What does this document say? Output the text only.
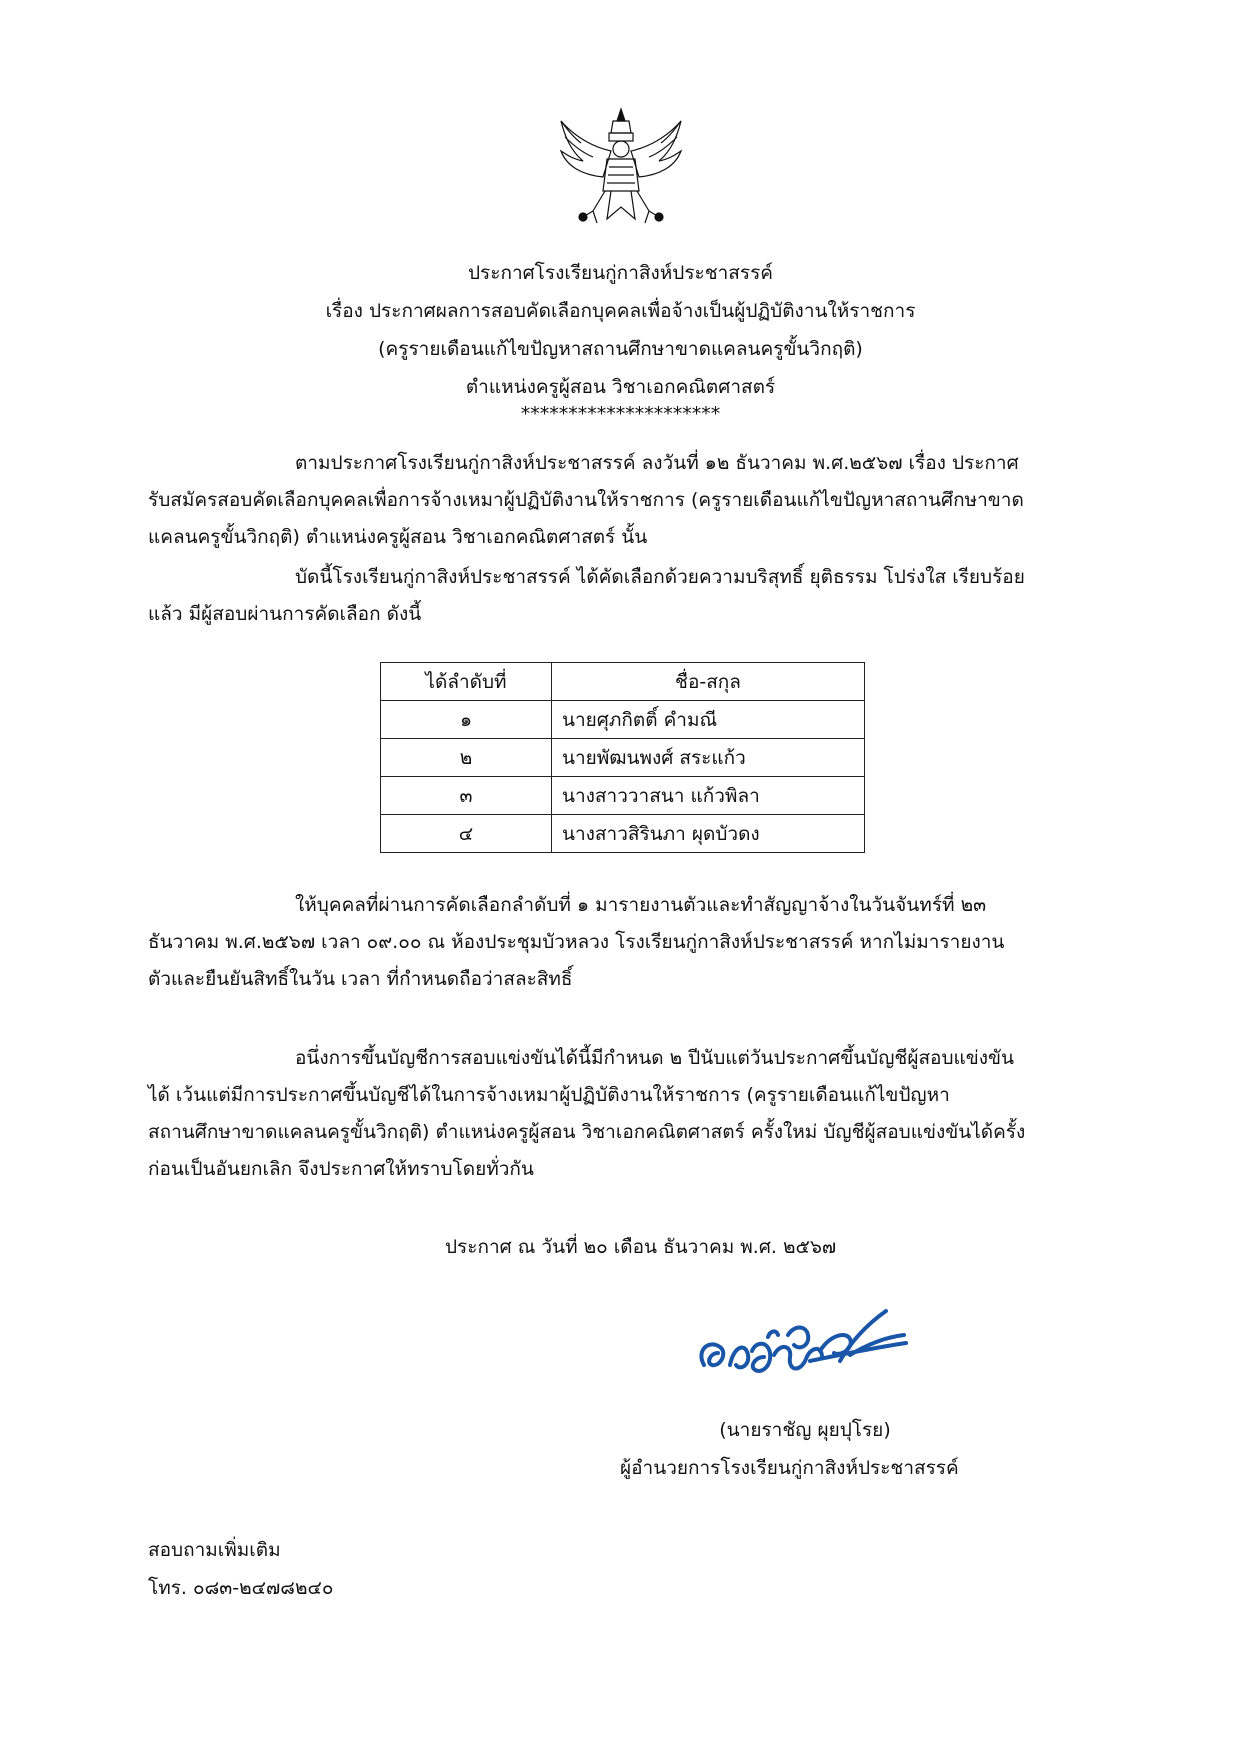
ประกาศโรงเรียนกู่กาสิงห์ประชาสรรค์
เรื่อง ประกาศผลการสอบคัดเลือกบุคคลเพื่อจ้างเป็นผู้ปฏิบัติงานให้ราชการ
(ครูรายเดือนแก้ไขปัญหาสถานศึกษาขาดแคลนครูขั้นวิกฤติ)
ตำแหน่งครูผู้สอน วิชาเอกคณิตศาสตร์
*********************

ตามประกาศโรงเรียนกู่กาสิงห์ประชาสรรค์ ลงวันที่ ๑๒ ธันวาคม พ.ศ.๒๕๖๗ เรื่อง ประกาศ

รับสมัครสอบคัดเลือกบุคคลเพื่อการจ้างเหมาผู้ปฏิบัติงานให้ราชการ (ครูรายเดือนแก้ไขปัญหาสถานศึกษาขาด

แคลนครูขั้นวิกฤติ) ตำแหน่งครูผู้สอน วิชาเอกคณิตศาสตร์ นั้น

บัดนี้โรงเรียนกู่กาสิงห์ประชาสรรค์ ได้คัดเลือกด้วยความบริสุทธิ์ ยุติธรรม โปร่งใส เรียบร้อย

แล้ว มีผู้สอบผ่านการคัดเลือก ดังนี้

ได้ลำดับที่	ชื่อ-สกุล
๑	นายศุภกิตติ์ คำมณี
๒	นายพัฒนพงศ์ สระแก้ว
๓	นางสาววาสนา แก้วพิลา
๔	นางสาวสิรินภา ผุดบัวดง

ให้บุคคลที่ผ่านการคัดเลือกลำดับที่ ๑ มารายงานตัวและทำสัญญาจ้างในวันจันทร์ที่ ๒๓

ธันวาคม พ.ศ.๒๕๖๗ เวลา ๐๙.๐๐ ณ ห้องประชุมบัวหลวง โรงเรียนกู่กาสิงห์ประชาสรรค์ หากไม่มารายงาน

ตัวและยืนยันสิทธิ์ในวัน เวลา ที่กำหนดถือว่าสละสิทธิ์

อนึ่งการขึ้นบัญชีการสอบแข่งขันได้นี้มีกำหนด ๒ ปีนับแต่วันประกาศขึ้นบัญชีผู้สอบแข่งขัน

ได้ เว้นแต่มีการประกาศขึ้นบัญชีได้ในการจ้างเหมาผู้ปฏิบัติงานให้ราชการ (ครูรายเดือนแก้ไขปัญหา

สถานศึกษาขาดแคลนครูขั้นวิกฤติ) ตำแหน่งครูผู้สอน วิชาเอกคณิตศาสตร์ ครั้งใหม่ บัญชีผู้สอบแข่งขันได้ครั้ง

ก่อนเป็นอันยกเลิก จึงประกาศให้ทราบโดยทั่วกัน

ประกาศ ณ วันที่ ๒๐ เดือน ธันวาคม พ.ศ. ๒๕๖๗
(นายราชัญ ผุยปุโรย)
ผู้อำนวยการโรงเรียนกู่กาสิงห์ประชาสรรค์
สอบถามเพิ่มเติม
โทร. ๐๘๓-๒๔๗๘๒๔๐
